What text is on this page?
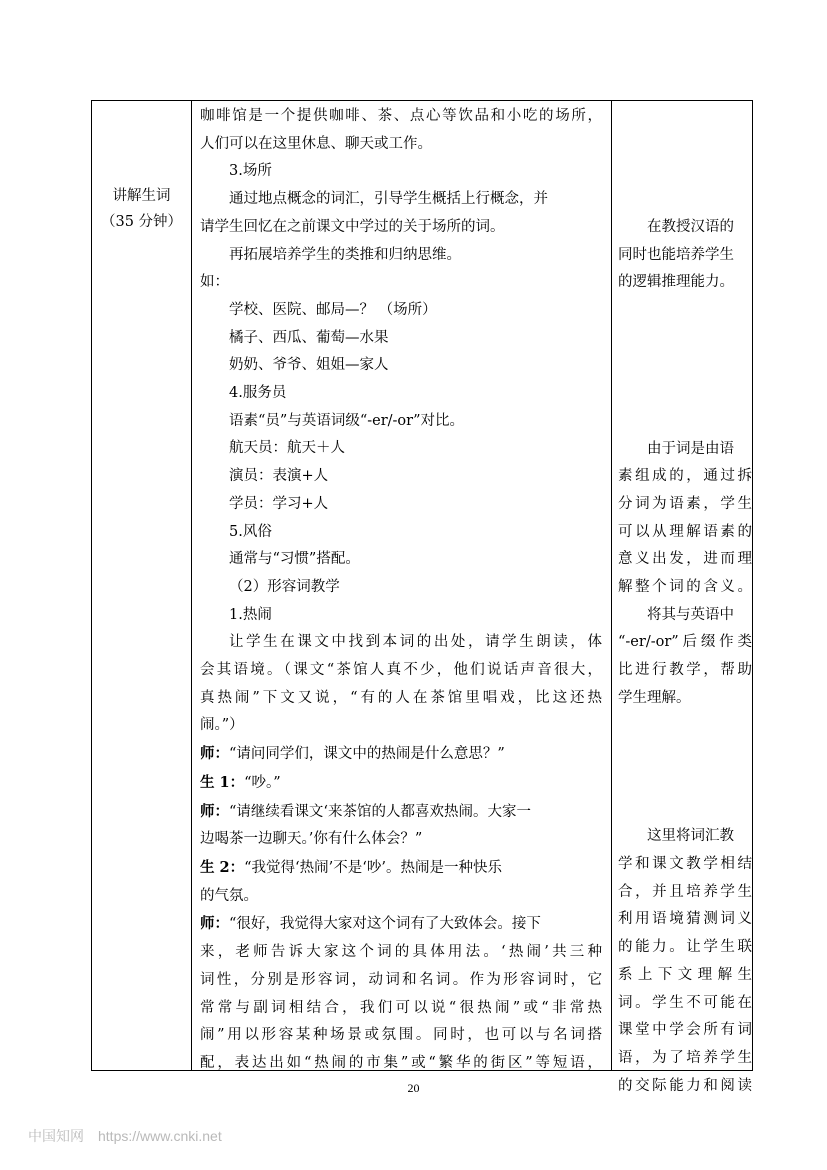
讲解生词
（35 分钟）

咖啡馆是一个提供咖啡、茶、点心等饮品和小吃的场所，

人们可以在这里休息、聊天或工作。

3.场所

通过地点概念的词汇，引导学生概括上行概念，并

请学生回忆在之前课文中学过的关于场所的词。

再拓展培养学生的类推和归纳思维。

如：

学校、医院、邮局—？ （场所）

橘子、西瓜、葡萄—水果

奶奶、爷爷、姐姐—家人

4.服务员

语素“员”与英语词级“-er/-or”对比。

航天员：航天＋人

演员：表演+人

学员：学习+人

5.风俗

通常与“习惯”搭配。

（2）形容词教学

1.热闹

让学生在课文中找到本词的出处，请学生朗读，体

会其语境。（课文“茶馆人真不少，他们说话声音很大，

真热闹”下文又说，“有的人在茶馆里唱戏，比这还热

闹。”）

师：“请问同学们，课文中的热闹是什么意思？”

生 1：“吵。”

师：“请继续看课文‘来茶馆的人都喜欢热闹。大家一

边喝茶一边聊天。’你有什么体会？”

生 2：“我觉得‘热闹’不是‘吵’。热闹是一种快乐

的气氛。

师：“很好，我觉得大家对这个词有了大致体会。接下

来，老师告诉大家这个词的具体用法。‘热闹’共三种

词性，分别是形容词，动词和名词。作为形容词时，它

常常与副词相结合，我们可以说“很热闹”或“非常热

闹”用以形容某种场景或氛围。同时，也可以与名词搭

配，表达出如“热闹的市集”或“繁华的街区”等短语，

在教授汉语的

同时也能培养学生

的逻辑推理能力。

由于词是由语

素组成的，通过拆

分词为语素，学生

可以从理解语素的

意义出发，进而理

解整个词的含义。

将其与英语中

“-er/-or”后缀作类

比进行教学，帮助

学生理解。

这里将词汇教

学和课文教学相结

合，并且培养学生

利用语境猜测词义

的能力。让学生联

系上下文理解生

词。学生不可能在

课堂中学会所有词

语，为了培养学生

的交际能力和阅读

20
中国知网 https://www.cnki.net
